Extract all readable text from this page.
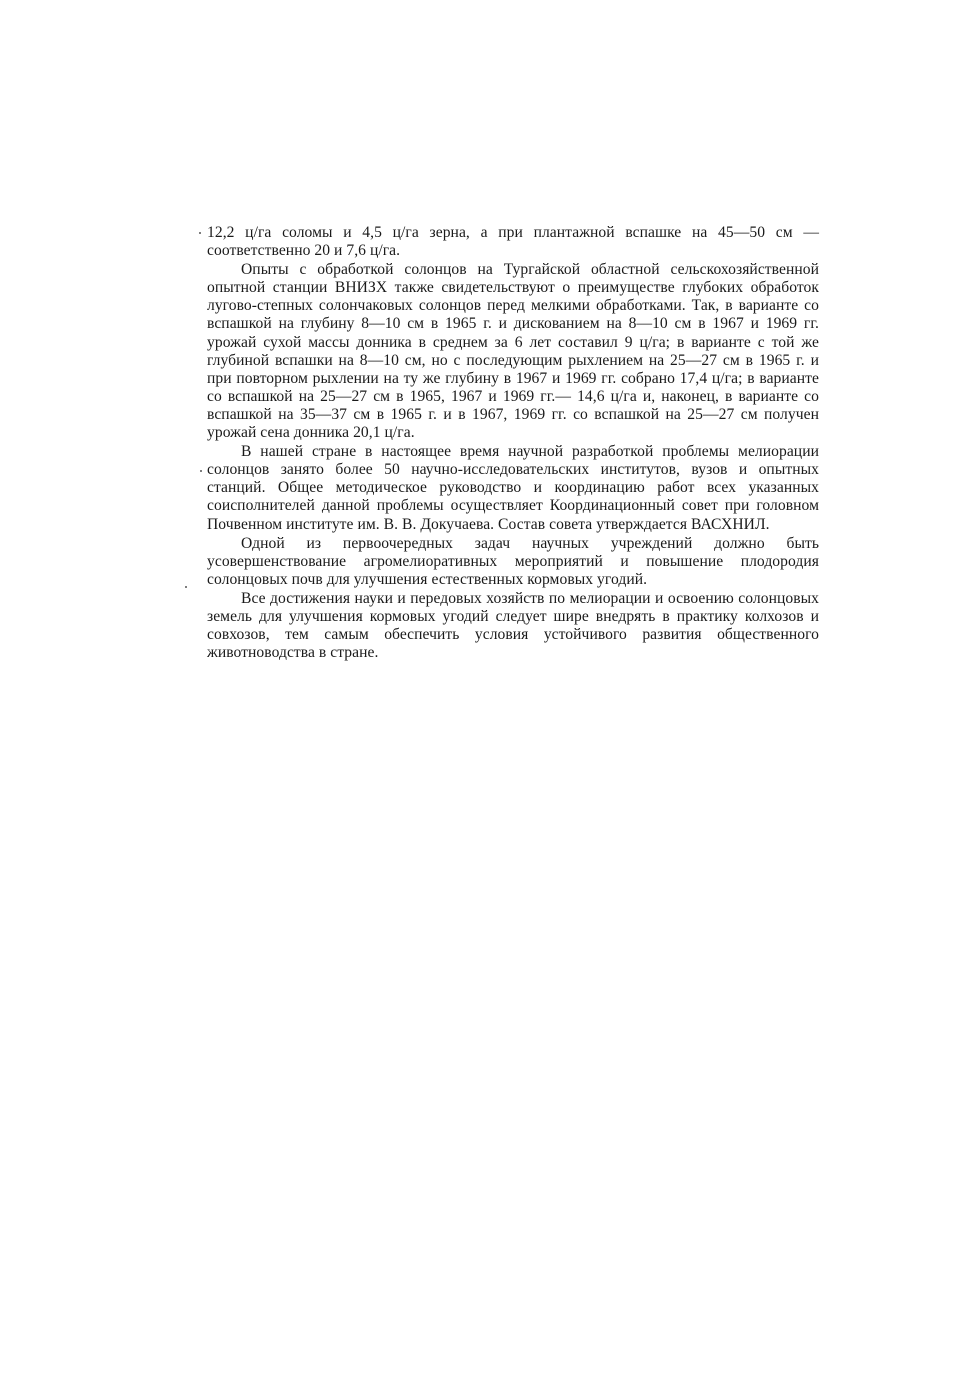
12,2 ц/га соломы и 4,5 ц/га зерна, а при плантажной вспашке на 45—50 см — соответственно 20 и 7,6 ц/га.

Опыты с обработкой солонцов на Тургайской областной сельскохозяйственной опытной станции ВНИЗХ также свидетельствуют о преимуществе глубоких обработок лугово-степных солончаковых солонцов перед мелкими обработками. Так, в варианте со вспашкой на глубину 8—10 см в 1965 г. и дискованием на 8—10 см в 1967 и 1969 гг. урожай сухой массы донника в среднем за 6 лет составил 9 ц/га; в варианте с той же глубиной вспашки на 8—10 см, но с последующим рыхлением на 25—27 см в 1965 г. и при повторном рыхлении на ту же глубину в 1967 и 1969 гг. собрано 17,4 ц/га; в варианте со вспашкой на 25—27 см в 1965, 1967 и 1969 гг.— 14,6 ц/га и, наконец, в варианте со вспашкой на 35—37 см в 1965 г. и в 1967, 1969 гг. со вспашкой на 25—27 см получен урожай сена донника 20,1 ц/га.

В нашей стране в настоящее время научной разработкой проблемы мелиорации солонцов занято более 50 научно-исследовательских институтов, вузов и опытных станций. Общее методическое руководство и координацию работ всех указанных соисполнителей данной проблемы осуществляет Координационный совет при головном Почвенном институте им. В. В. Докучаева. Состав совета утверждается ВАСХНИЛ.

Одной из первоочередных задач научных учреждений должно быть усовершенствование агромелиоративных мероприятий и повышение плодородия солонцовых почв для улучшения естественных кормовых угодий.

Все достижения науки и передовых хозяйств по мелиорации и освоению солонцовых земель для улучшения кормовых угодий следует шире внедрять в практику колхозов и совхозов, тем самым обеспечить условия устойчивого развития общественного животноводства в стране.
